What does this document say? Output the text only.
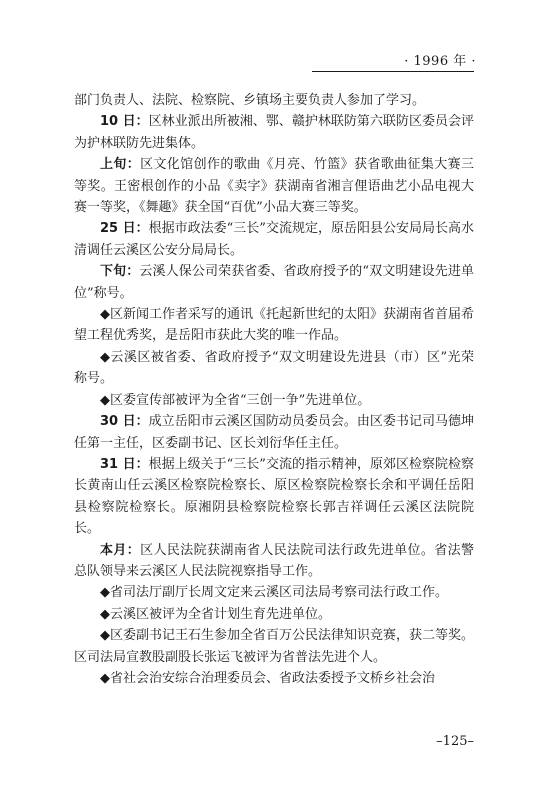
· 1996 年 ·

部门负责人、法院、检察院、乡镇场主要负责人参加了学习。

10 日：区林业派出所被湘、鄂、赣护林联防第六联防区委员会评为护林联防先进集体。

上旬：区文化馆创作的歌曲《月亮、竹篮》获省歌曲征集大赛三等奖。王密根创作的小品《卖字》获湖南省湘言俚语曲艺小品电视大赛一等奖，《舞趣》获全国“百优”小品大赛三等奖。

25 日：根据市政法委“三长”交流规定，原岳阳县公安局局长高水清调任云溪区公安分局局长。

下旬：云溪人保公司荣获省委、省政府授予的“双文明建设先进单位”称号。

◆区新闻工作者采写的通讯《托起新世纪的太阳》获湖南省首届希望工程优秀奖，是岳阳市获此大奖的唯一作品。

◆云溪区被省委、省政府授予“双文明建设先进县（市）区”光荣称号。

◆区委宣传部被评为全省“三创一争”先进单位。

30 日：成立岳阳市云溪区国防动员委员会。由区委书记司马德坤任第一主任，区委副书记、区长刘衍华任主任。

31 日：根据上级关于“三长”交流的指示精神，原郊区检察院检察长黄南山任云溪区检察院检察长、原区检察院检察长余和平调任岳阳县检察院检察长。原湘阴县检察院检察长郭吉祥调任云溪区法院院长。

本月：区人民法院获湖南省人民法院司法行政先进单位。省法警总队领导来云溪区人民法院视察指导工作。

◆省司法厅副厅长周文定来云溪区司法局考察司法行政工作。

◆云溪区被评为全省计划生育先进单位。

◆区委副书记王石生参加全省百万公民法律知识竞赛，获二等奖。区司法局宣教股副股长张运飞被评为省普法先进个人。

◆省社会治安综合治理委员会、省政法委授予文桥乡社会治

–125–
